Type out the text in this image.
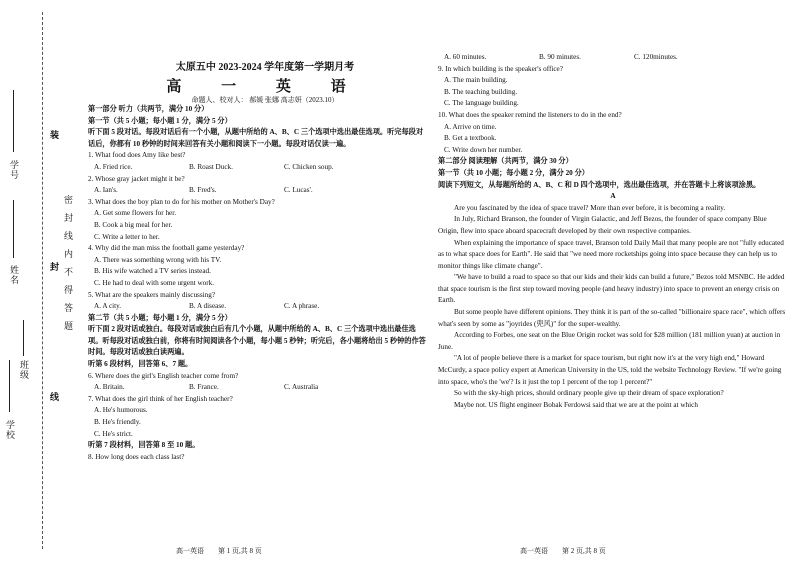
学校
班级
姓名
学号
装
封
线
密
封
线
内
不
得
答
题
太原五中 2023-2024 学年度第一学期月考
高 一 英 语
命题人、校对人： 郝媛 张娜 高志妍（2023.10）

第一部分 听力（共两节，满分 10 分）

第一节（共 5 小题；每小题 1 分，满分 5 分）

听下面 5 段对话。每段对话后有一个小题，从题中所给的 A、B、C 三个选项中选出最佳选项。听完每段对话后，你都有 10 秒钟的时间来回答有关小题和阅读下一小题。每段对话仅读一遍。

1. What food does Amy like best?

A. Fried rice.	B. Roast Duck.	C. Chicken soup.

2. Whose gray jacket might it be?

A. Ian's.	B. Fred's.	C. Lucas'.

3. What does the boy plan to do for his mother on Mother's Day?

A. Get some flowers for her.

B. Cook a big meal for her.

C. Write a letter to her.

4. Why did the man miss the football game yesterday?

A. There was something wrong with his TV.

B. His wife watched a TV series instead.

C. He had to deal with some urgent work.

5. What are the speakers mainly discussing?

A. A city.	B. A disease.	C. A phrase.

第二节（共 5 小题；每小题 1 分，满分 5 分）

听下面 2 段对话或独白。每段对话或独白后有几个小题，从题中所给的 A、B、C 三个选项中选出最佳选项。听每段对话或独白前，你将有时间阅读各个小题，每小题 5 秒钟；听完后，各小题将给出 5 秒钟的作答时间。每段对话或独白读两遍。

听第 6 段材料，回答第 6、7 题。

6. Where does the girl's English teacher come from?

A. Britain.	B. France.	C. Australia

7. What does the girl think of her English teacher?

A. He's humorous.

B. He's friendly.

C. He's strict.

听第 7 段材料，回答第 8 至 10 题。

8. How long does each class last?

A. 60 minutes.	B. 90 minutes.	C. 120minutes.

9. In which building is the speaker's office?

A. The main building.

B. The teaching building.

C. The language building.

10. What does the speaker remind the listeners to do in the end?

A. Arrive on time.

B. Get a textbook.

C. Write down her number.

第二部分 阅读理解（共两节，满分 30 分）

第一节（共 10 小题；每小题 2 分，满分 20 分）

阅读下列短文，从每题所给的 A、B、C 和 D 四个选项中，选出最佳选项，并在答题卡上将该项涂黑。

A

Are you fascinated by the idea of space travel? More than ever before, it is becoming a reality.

In July, Richard Branson, the founder of Virgin Galactic, and Jeff Bezos, the founder of space company Blue Origin, flew into space aboard spacecraft developed by their own respective companies.

When explaining the importance of space travel, Branson told Daily Mail that many people are not "fully educated as to what space does for Earth". He said that "we need more rocketships going into space because they can help us to monitor things like climate change".

"We have to build a road to space so that our kids and their kids can build a future," Bezos told MSNBC. He added that space tourism is the first step toward moving people (and heavy industry) into space to prevent an energy crisis on Earth.

But some people have different opinions. They think it is part of the so-called "billionaire space race", which offers what's seen by some as "joyrides (兜风)" for the super-wealthy.

According to Forbes, one seat on the Blue Origin rocket was sold for $28 million (181 million yuan) at auction in June.

"A lot of people believe there is a market for space tourism, but right now it's at the very high end," Howard McCurdy, a space policy expert at American University in the US, told the website Technology Review. "If we're going into space, who's the 'we'? Is it just the top 1 percent of the top 1 percent?"

So with the sky-high prices, should ordinary people give up their dream of space exploration?

Maybe not. US flight engineer Bobak Ferdowsi said that we are at the point at which

高一英语　　第 1 页,共 8 页	高一英语　　第 2 页,共 8 页
